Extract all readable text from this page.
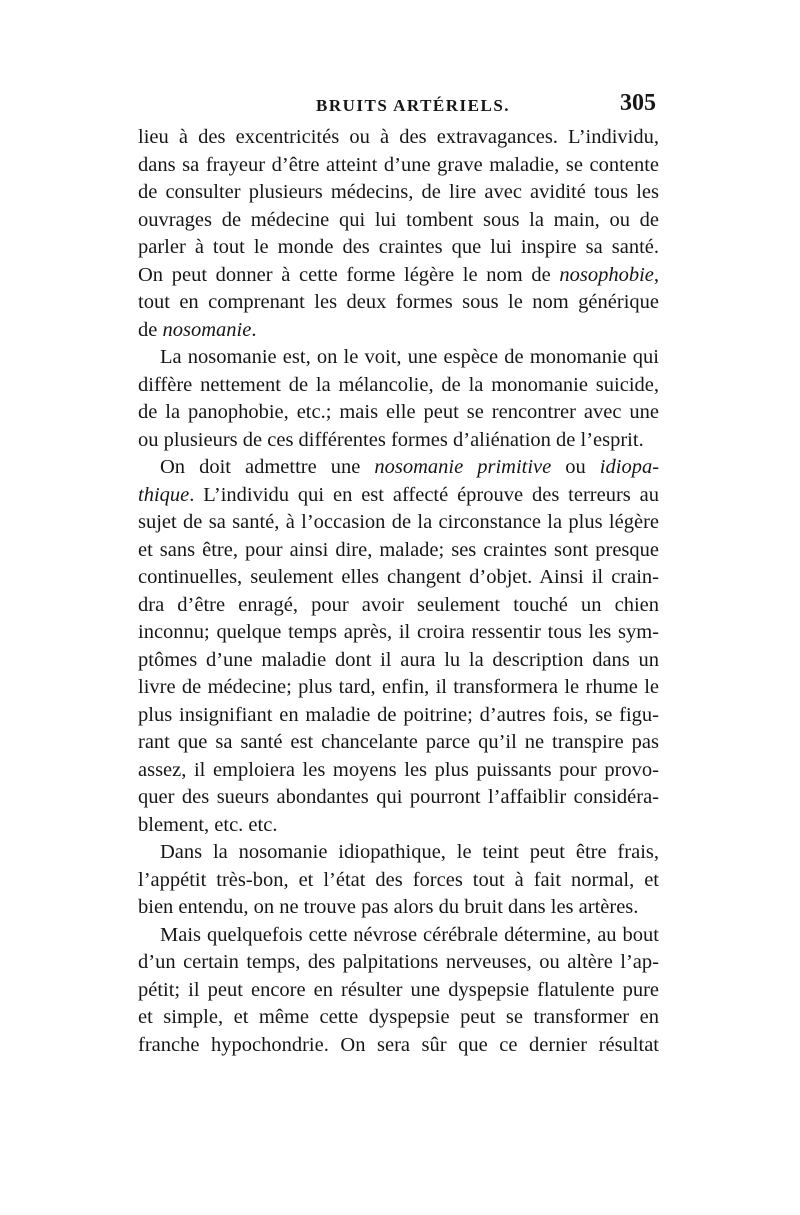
BRUITS ARTÉRIELS.	305
lieu à des excentricités ou à des extravagances. L’individu,
dans sa frayeur d’être atteint d’une grave maladie, se contente
de consulter plusieurs médecins, de lire avec avidité tous les
ouvrages de médecine qui lui tombent sous la main, ou de
parler à tout le monde des craintes que lui inspire sa santé.
On peut donner à cette forme légère le nom de nosophobie,
tout en comprenant les deux formes sous le nom générique
de nosomanie.
La nosomanie est, on le voit, une espèce de monomanie qui
diffère nettement de la mélancolie, de la monomanie suicide,
de la panophobie, etc.; mais elle peut se rencontrer avec une
ou plusieurs de ces différentes formes d’aliénation de l’esprit.
On doit admettre une nosomanie primitive ou idiopa-
thique. L’individu qui en est affecté éprouve des terreurs au
sujet de sa santé, à l’occasion de la circonstance la plus légère
et sans être, pour ainsi dire, malade; ses craintes sont presque
continuelles, seulement elles changent d’objet. Ainsi il crain-
dra d’être enragé, pour avoir seulement touché un chien
inconnu; quelque temps après, il croira ressentir tous les sym-
ptômes d’une maladie dont il aura lu la description dans un
livre de médecine; plus tard, enfin, il transformera le rhume le
plus insignifiant en maladie de poitrine; d’autres fois, se figu-
rant que sa santé est chancelante parce qu’il ne transpire pas
assez, il emploiera les moyens les plus puissants pour provo-
quer des sueurs abondantes qui pourront l’affaiblir considéra-
blement, etc. etc.
Dans la nosomanie idiopathique, le teint peut être frais,
l’appétit très-bon, et l’état des forces tout à fait normal, et
bien entendu, on ne trouve pas alors du bruit dans les artères.
Mais quelquefois cette névrose cérébrale détermine, au bout
d’un certain temps, des palpitations nerveuses, ou altère l’ap-
pétit; il peut encore en résulter une dyspepsie flatulente pure
et simple, et même cette dyspepsie peut se transformer en
franche hypochondrie. On sera sûr que ce dernier résultat
